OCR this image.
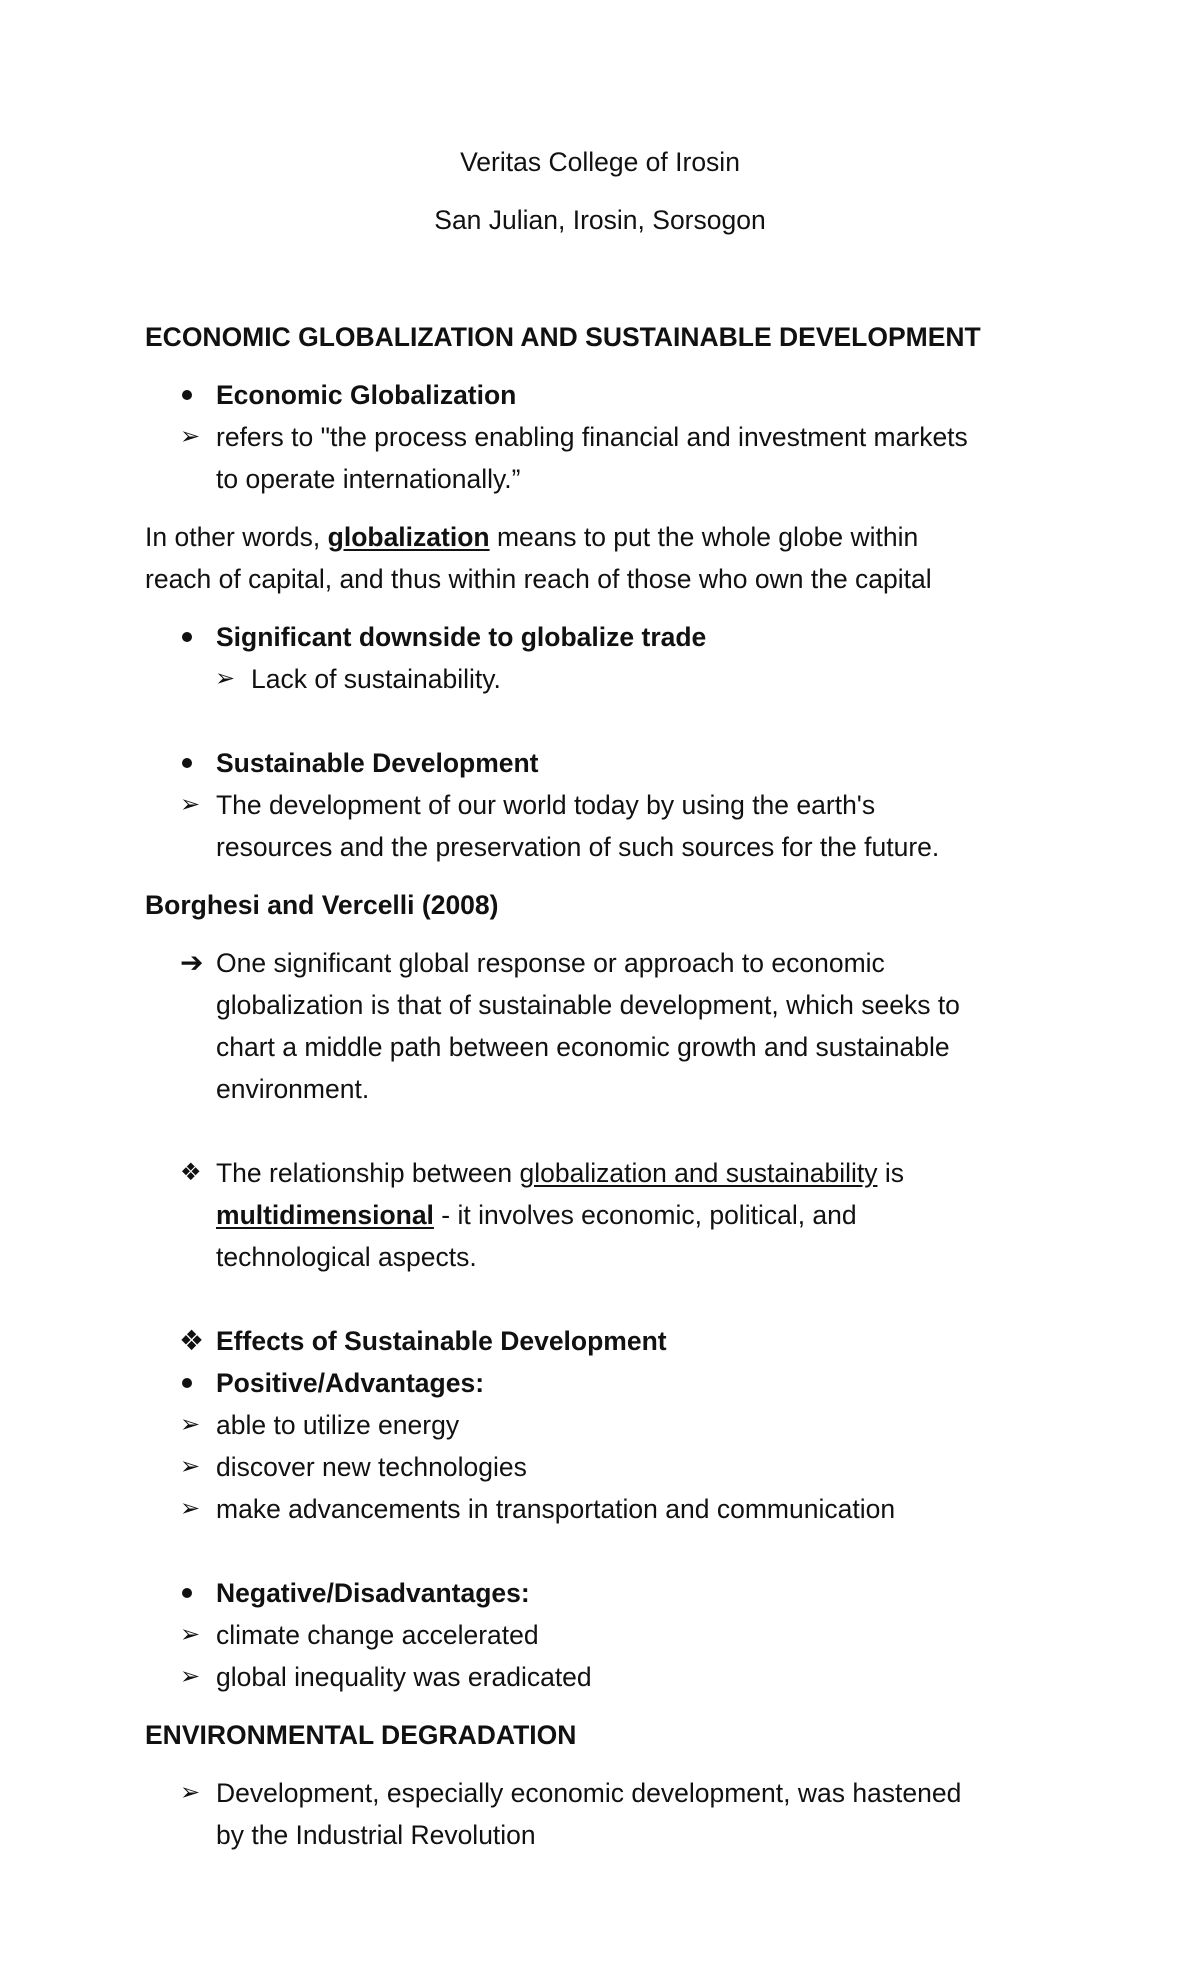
Veritas College of Irosin
San Julian, Irosin, Sorsogon
ECONOMIC GLOBALIZATION AND SUSTAINABLE DEVELOPMENT
Economic Globalization
➢ refers to "the process enabling financial and investment markets
to operate internationally.”
In other words, globalization means to put the whole globe within
reach of capital, and thus within reach of those who own the capital
Significant downside to globalize trade
➢ Lack of sustainability.
Sustainable Development
➢ The development of our world today by using the earth's
resources and the preservation of such sources for the future.
Borghesi and Vercelli (2008)
➔ One significant global response or approach to economic
globalization is that of sustainable development, which seeks to
chart a middle path between economic growth and sustainable
environment.
❖ The relationship between globalization and sustainability is
multidimensional - it involves economic, political, and
technological aspects.
❖ Effects of Sustainable Development
Positive/Advantages:
➢ able to utilize energy
➢ discover new technologies
➢ make advancements in transportation and communication
Negative/Disadvantages:
➢ climate change accelerated
➢ global inequality was eradicated
ENVIRONMENTAL DEGRADATION
➢ Development, especially economic development, was hastened
by the Industrial Revolution
